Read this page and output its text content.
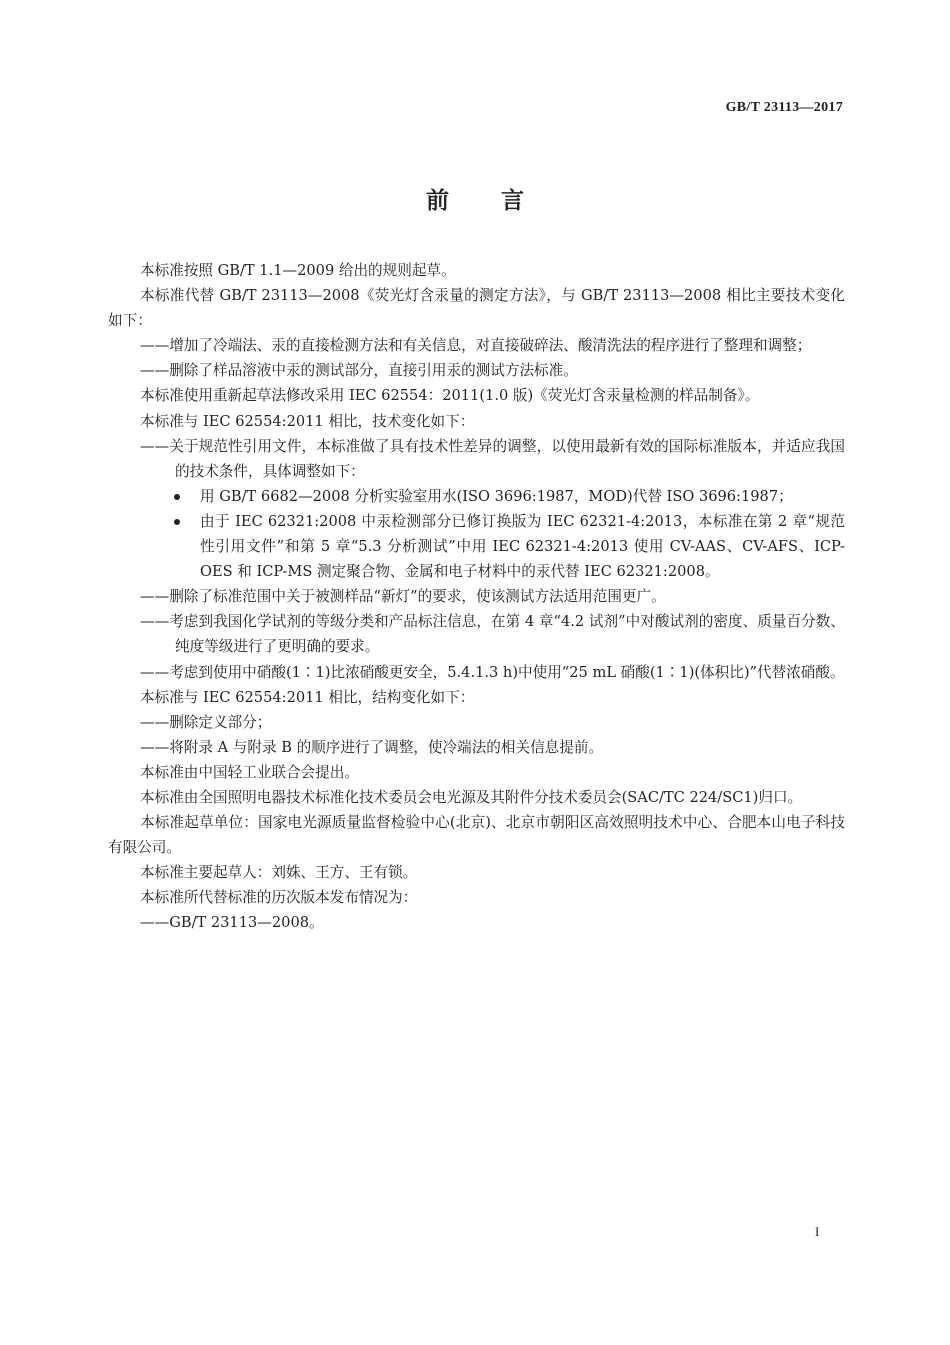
GB/T 23113—2017
前言

本标准按照 GB/T 1.1—2009 给出的规则起草。

本标准代替 GB/T 23113—2008《荧光灯含汞量的测定方法》，与 GB/T 23113—2008 相比主要技术变化如下：

——增加了冷端法、汞的直接检测方法和有关信息，对直接破碎法、酸清洗法的程序进行了整理和调整；

——删除了样品溶液中汞的测试部分，直接引用汞的测试方法标准。

本标准使用重新起草法修改采用 IEC 62554：2011(1.0 版)《荧光灯含汞量检测的样品制备》。

本标准与 IEC 62554:2011 相比，技术变化如下：

——关于规范性引用文件，本标准做了具有技术性差异的调整，以使用最新有效的国际标准版本，并适应我国的技术条件，具体调整如下：

用 GB/T 6682—2008 分析实验室用水(ISO 3696:1987，MOD)代替 ISO 3696:1987；

由于 IEC 62321:2008 中汞检测部分已修订换版为 IEC 62321-4:2013，本标准在第 2 章“规范性引用文件”和第 5 章“5.3 分析测试”中用 IEC 62321-4:2013 使用 CV-AAS、CV-AFS、ICP-OES 和 ICP-MS 测定聚合物、金属和电子材料中的汞代替 IEC 62321:2008。

——删除了标准范围中关于被测样品“新灯”的要求，使该测试方法适用范围更广。

——考虑到我国化学试剂的等级分类和产品标注信息，在第 4 章“4.2 试剂”中对酸试剂的密度、质量百分数、纯度等级进行了更明确的要求。

——考虑到使用中硝酸(1∶1)比浓硝酸更安全，5.4.1.3 h)中使用“25 mL 硝酸(1∶1)(体积比)”代替浓硝酸。

本标准与 IEC 62554:2011 相比，结构变化如下：

——删除定义部分；

——将附录 A 与附录 B 的顺序进行了调整，使冷端法的相关信息提前。

本标准由中国轻工业联合会提出。

本标准由全国照明电器技术标准化技术委员会电光源及其附件分技术委员会(SAC/TC 224/SC1)归口。

本标准起草单位：国家电光源质量监督检验中心(北京)、北京市朝阳区高效照明技术中心、合肥本山电子科技有限公司。

本标准主要起草人：刘姝、王方、王有锁。

本标准所代替标准的历次版本发布情况为：

——GB/T 23113—2008。

I
